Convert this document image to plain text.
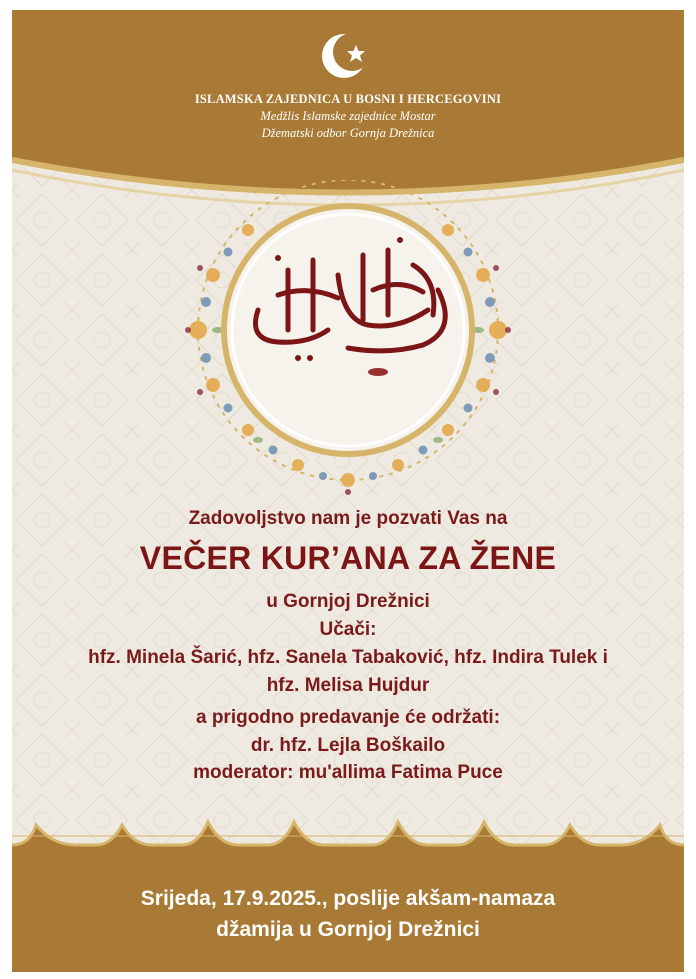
ISLAMSKA ZAJEDNICA U BOSNI I HERCEGOVINI
Medžlis Islamske zajednice Mostar
Džematski odbor Gornja Drežnica
Zadovoljstvo nam je pozvati Vas na
VEČER KUR’ANA ZA ŽENE
u Gornjoj Drežnici
Učači:
hfz. Minela Šarić, hfz. Sanela Tabaković, hfz. Indira Tulek i
hfz. Melisa Hujdur
a prigodno predavanje će održati:
dr. hfz. Lejla Boškailo
moderator: mu'allima Fatima Puce
Srijeda, 17.9.2025., poslije akšam-namaza
džamija u Gornjoj Drežnici
